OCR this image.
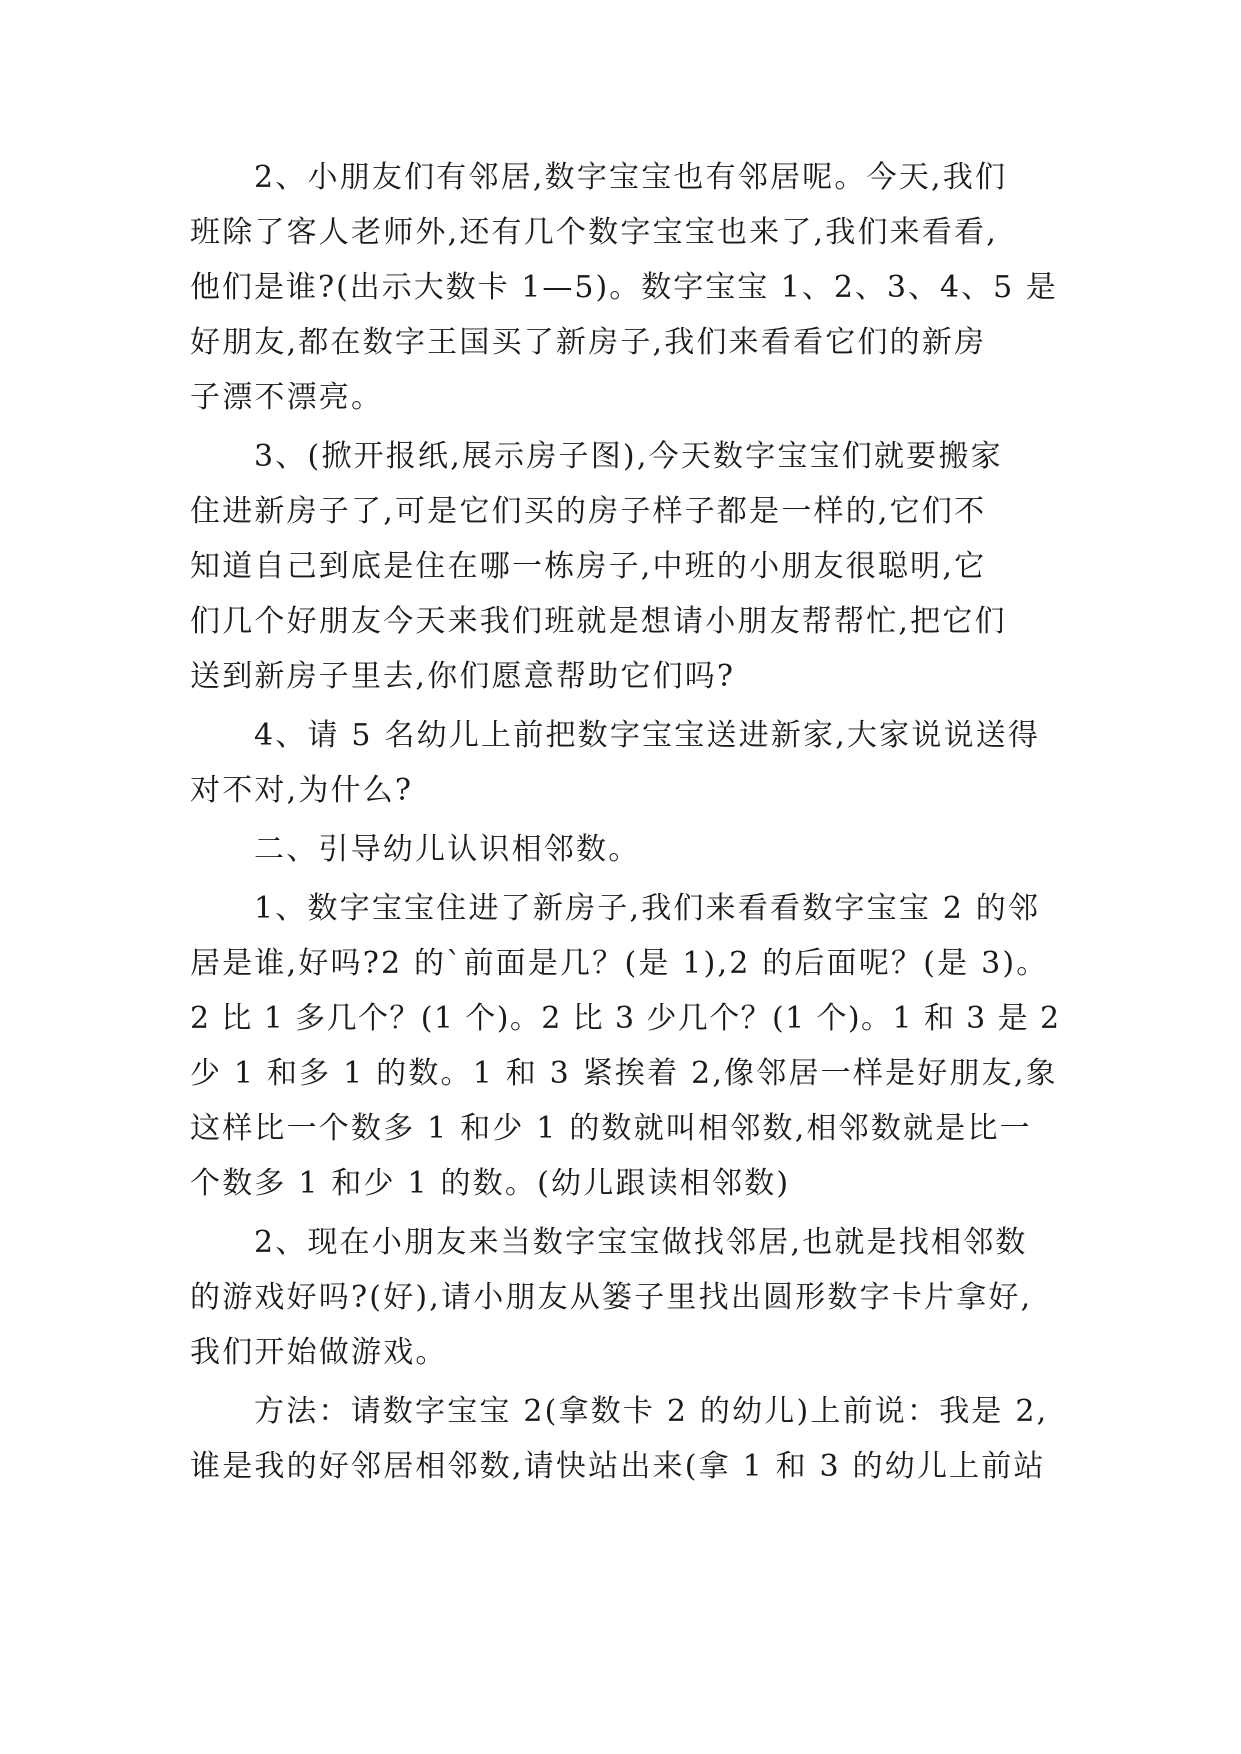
2、小朋友们有邻居,数字宝宝也有邻居呢。今天,我们
班除了客人老师外,还有几个数字宝宝也来了,我们来看看,
他们是谁?(出示大数卡 1—5)。数字宝宝 1、2、3、4、5 是
好朋友,都在数字王国买了新房子,我们来看看它们的新房
子漂不漂亮。
3、(掀开报纸,展示房子图),今天数字宝宝们就要搬家
住进新房子了,可是它们买的房子样子都是一样的,它们不
知道自己到底是住在哪一栋房子,中班的小朋友很聪明,它
们几个好朋友今天来我们班就是想请小朋友帮帮忙,把它们
送到新房子里去,你们愿意帮助它们吗?
4、请 5 名幼儿上前把数字宝宝送进新家,大家说说送得
对不对,为什么?
二、引导幼儿认识相邻数。
1、数字宝宝住进了新房子,我们来看看数字宝宝 2 的邻
居是谁,好吗?2 的`前面是几？(是 1),2 的后面呢？(是 3)。
2 比 1 多几个？(1 个)。2 比 3 少几个？(1 个)。1 和 3 是 2
少 1 和多 1 的数。1 和 3 紧挨着 2,像邻居一样是好朋友,象
这样比一个数多 1 和少 1 的数就叫相邻数,相邻数就是比一
个数多 1 和少 1 的数。(幼儿跟读相邻数)
2、现在小朋友来当数字宝宝做找邻居,也就是找相邻数
的游戏好吗?(好),请小朋友从篓子里找出圆形数字卡片拿好,
我们开始做游戏。
方法：请数字宝宝 2(拿数卡 2 的幼儿)上前说：我是 2,
谁是我的好邻居相邻数,请快站出来(拿 1 和 3 的幼儿上前站
